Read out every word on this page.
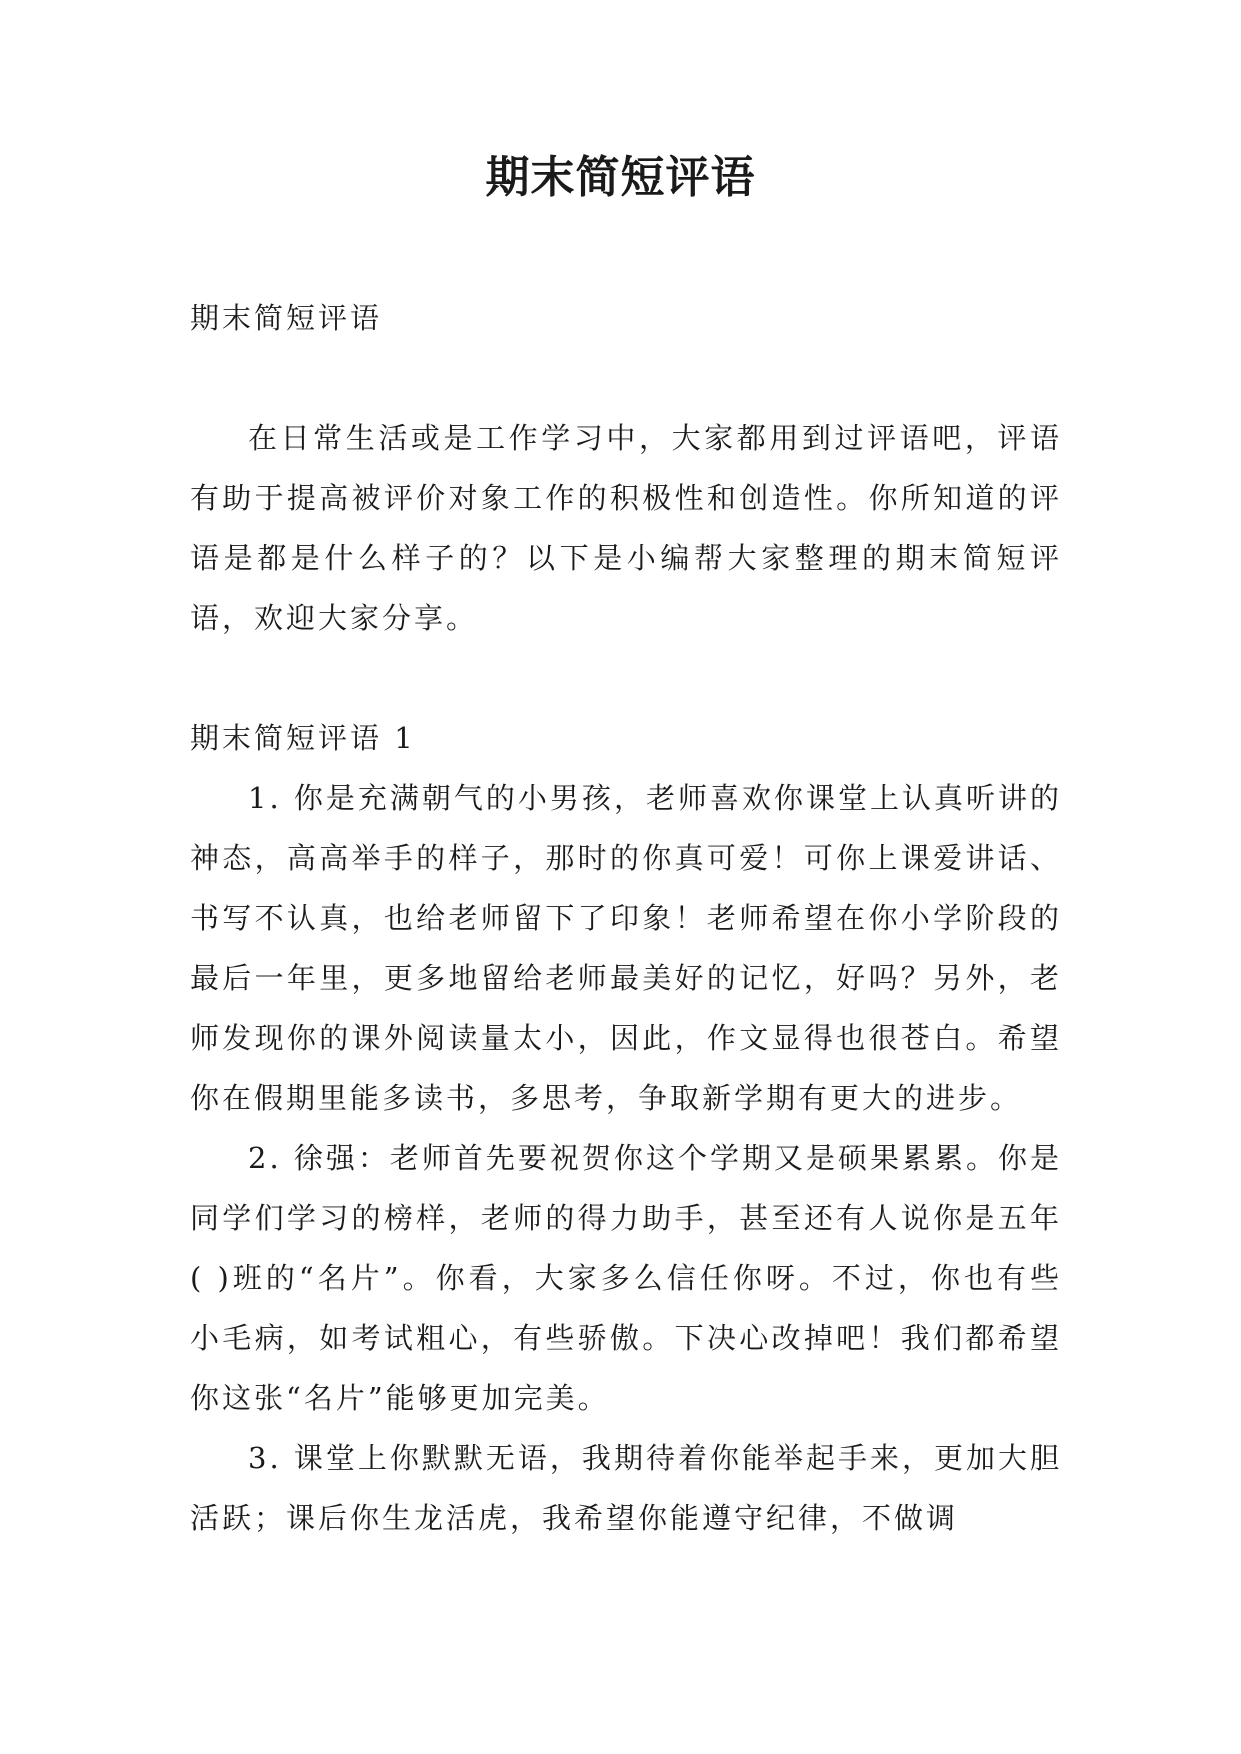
期末简短评语

期末简短评语

在日常生活或是工作学习中，大家都用到过评语吧，评语有助于提高被评价对象工作的积极性和创造性。你所知道的评语是都是什么样子的？以下是小编帮大家整理的期末简短评语，欢迎大家分享。

期末简短评语 1

1. 你是充满朝气的小男孩，老师喜欢你课堂上认真听讲的神态，高高举手的样子，那时的你真可爱！可你上课爱讲话、书写不认真，也给老师留下了印象！老师希望在你小学阶段的最后一年里，更多地留给老师最美好的记忆，好吗？另外，老师发现你的课外阅读量太小，因此，作文显得也很苍白。希望你在假期里能多读书，多思考，争取新学期有更大的进步。

2. 徐强：老师首先要祝贺你这个学期又是硕果累累。你是同学们学习的榜样，老师的得力助手，甚至还有人说你是五年( )班的“名片”。你看，大家多么信任你呀。不过，你也有些小毛病，如考试粗心，有些骄傲。下决心改掉吧！我们都希望你这张“名片”能够更加完美。

3. 课堂上你默默无语，我期待着你能举起手来，更加大胆活跃；课后你生龙活虎，我希望你能遵守纪律，不做调
